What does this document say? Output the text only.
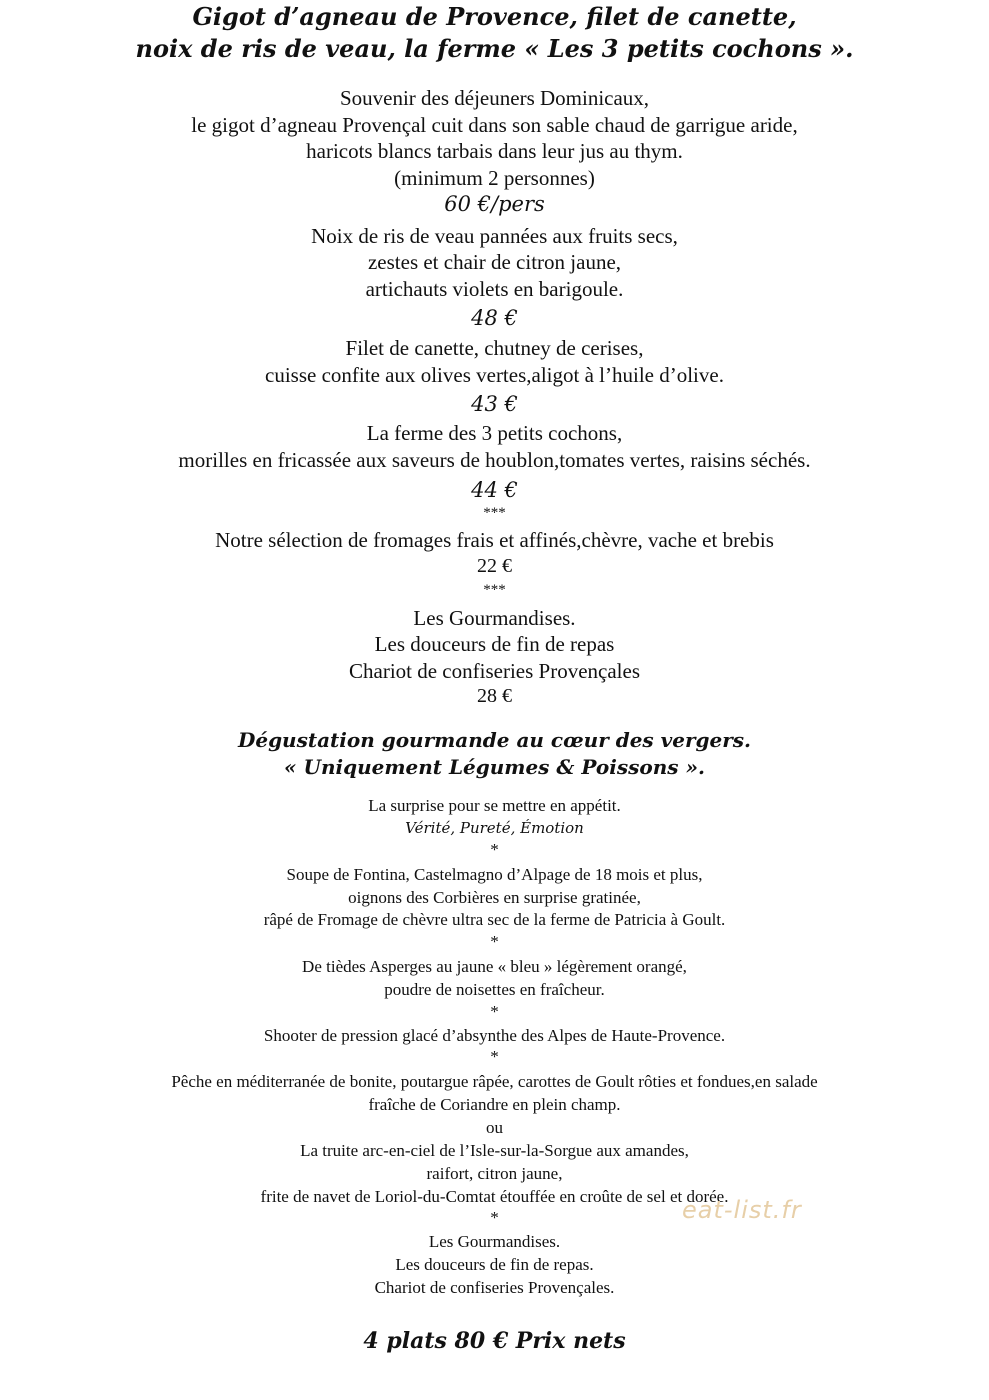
Gigot d’agneau de Provence, filet de canette,
noix de ris de veau, la ferme « Les 3 petits cochons ».
Souvenir des déjeuners Dominicaux,
le gigot d’agneau Provençal cuit dans son sable chaud de garrigue aride,
haricots blancs tarbais dans leur jus au thym.
(minimum 2 personnes)
60 €/pers
Noix de ris de veau pannées aux fruits secs,
zestes et chair de citron jaune,
artichauts violets en barigoule.
48 €
Filet de canette, chutney de cerises,
cuisse confite aux olives vertes,aligot à l’huile d’olive.
43 €
La ferme des 3 petits cochons,
morilles en fricassée aux saveurs de houblon,tomates vertes, raisins séchés.
44 €
***
Notre sélection de fromages frais et affinés,chèvre, vache et brebis
22 €
***
Les Gourmandises.
Les douceurs de fin de repas
Chariot de confiseries Provençales
28 €
Dégustation gourmande au cœur des vergers.
« Uniquement Légumes & Poissons ».
La surprise pour se mettre en appétit.
Vérité, Pureté, Émotion
*
Soupe de Fontina, Castelmagno d’Alpage de 18 mois et plus,
oignons des Corbières en surprise gratinée,
râpé de Fromage de chèvre ultra sec de la ferme de Patricia à Goult.
*
De tièdes Asperges au jaune « bleu » légèrement orangé,
poudre de noisettes en fraîcheur.
*
Shooter de pression glacé d’absynthe des Alpes de Haute-Provence.
*
Pêche en méditerranée de bonite, poutargue râpée, carottes de Goult rôties et fondues,en salade
fraîche de Coriandre en plein champ.
ou
La truite arc-en-ciel de l’Isle-sur-la-Sorgue aux amandes,
raifort, citron jaune,
frite de navet de Loriol-du-Comtat étouffée en croûte de sel et dorée.
*
Les Gourmandises.
Les douceurs de fin de repas.
Chariot de confiseries Provençales.
4 plats 80 € Prix nets
eat-list.fr
